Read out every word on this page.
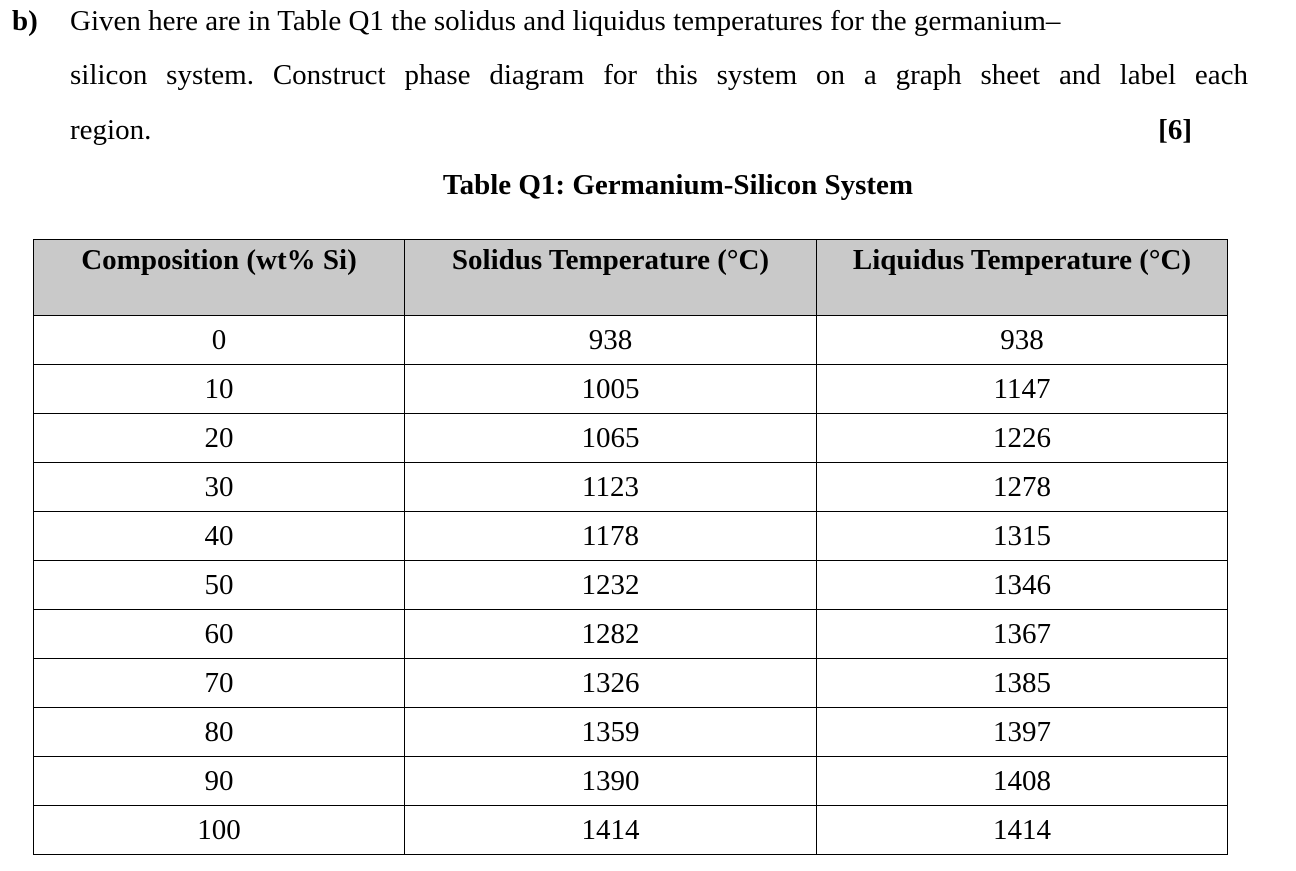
b) Given here are in Table Q1 the solidus and liquidus temperatures for the germanium–
silicon system. Construct phase diagram for this system on a graph sheet and label each
region.	[6]
Table Q1: Germanium-Silicon System
Composition (wt% Si)	Solidus Temperature (°C)	Liquidus Temperature (°C)
0	938	938
10	1005	1147
20	1065	1226
30	1123	1278
40	1178	1315
50	1232	1346
60	1282	1367
70	1326	1385
80	1359	1397
90	1390	1408
100	1414	1414
